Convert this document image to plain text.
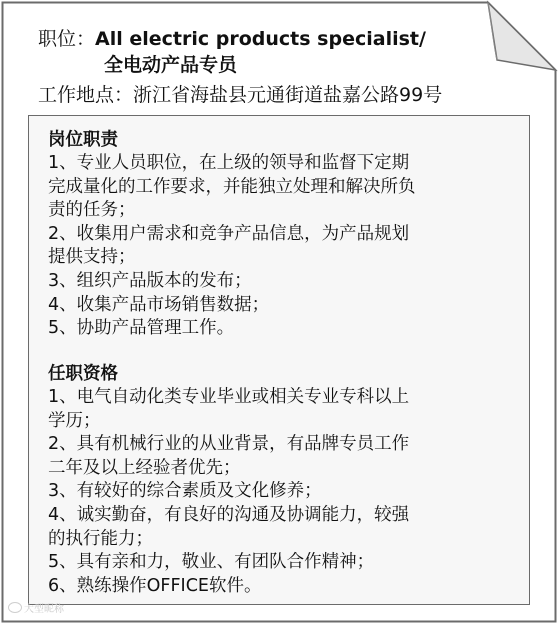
职位： All electric products specialist/
全电动产品专员
工作地点： 浙江省海盐县元通街道盐嘉公路99号
岗位职责

1、专业人员职位，在上级的领导和监督下定期

完成量化的工作要求，并能独立处理和解决所负

责的任务；

2、收集用户需求和竞争产品信息，为产品规划

提供支持；

3、组织产品版本的发布；

4、收集产品市场销售数据；

5、协助产品管理工作。

任职资格

1、电气自动化类专业毕业或相关专业专科以上

学历；

2、具有机械行业的从业背景，有品牌专员工作

二年及以上经验者优先；

3、有较好的综合素质及文化修养；

4、诚实勤奋，有良好的沟通及协调能力，较强

的执行能力；

5、具有亲和力，敬业、有团队合作精神；

6、熟练操作OFFICE软件。

大型昵称
